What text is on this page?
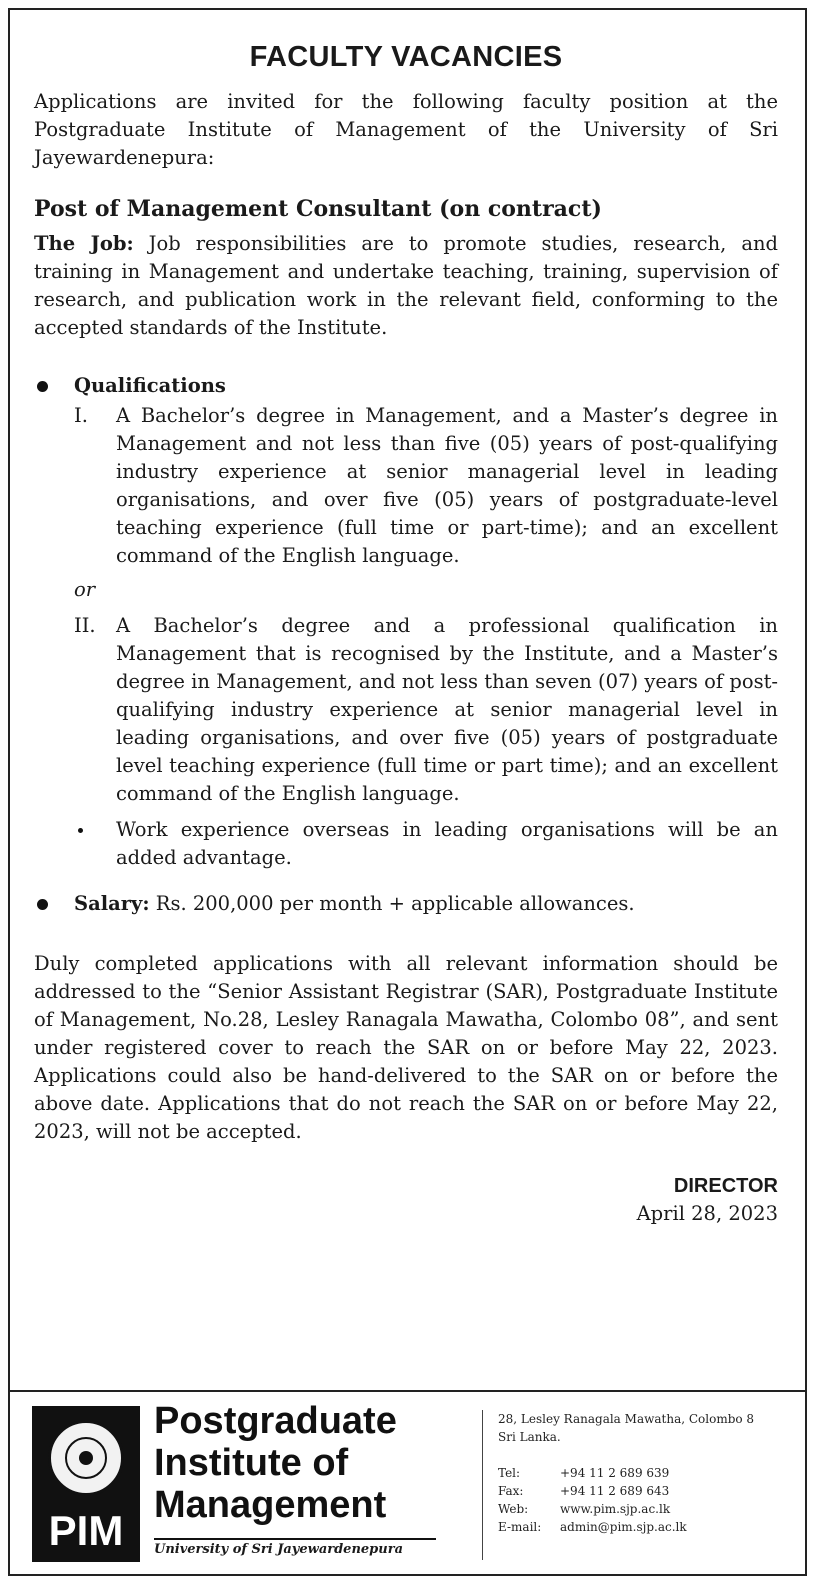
FACULTY VACANCIES

Applications are invited for the following faculty position at the Postgraduate Institute of Management of the University of Sri Jayewardenepura:

Post of Management Consultant (on contract)

The Job: Job responsibilities are to promote studies, research, and training in Management and undertake teaching, training, supervision of research, and publication work in the relevant field, conforming to the accepted standards of the Institute.

Qualifications
I. A Bachelor’s degree in Management, and a Master’s degree in Management and not less than five (05) years of post-qualifying industry experience at senior managerial level in leading organisations, and over five (05) years of postgraduate-level teaching experience (full time or part-time); and an excellent command of the English language.
or
II. A Bachelor’s degree and a professional qualification in Management that is recognised by the Institute, and a Master’s degree in Management, and not less than seven (07) years of post-qualifying industry experience at senior managerial level in leading organisations, and over five (05) years of postgraduate level teaching experience (full time or part time); and an excellent command of the English language.
Work experience overseas in leading organisations will be an added advantage.
Salary: Rs. 200,000 per month + applicable allowances.

Duly completed applications with all relevant information should be addressed to the “Senior Assistant Registrar (SAR), Postgraduate Institute of Management, No.28, Lesley Ranagala Mawatha, Colombo 08”, and sent under registered cover to reach the SAR on or before May 22, 2023. Applications could also be hand-delivered to the SAR on or before the above date. Applications that do not reach the SAR on or before May 22, 2023, will not be accepted.

DIRECTOR
April 28, 2023
PIM
Postgraduate
Institute of
Management
University of Sri Jayewardenepura
28, Lesley Ranagala Mawatha, Colombo 8
Sri Lanka.
Tel:	+94 11 2 689 639
Fax:	+94 11 2 689 643
Web:	www.pim.sjp.ac.lk
E-mail: admin@pim.sjp.ac.lk
